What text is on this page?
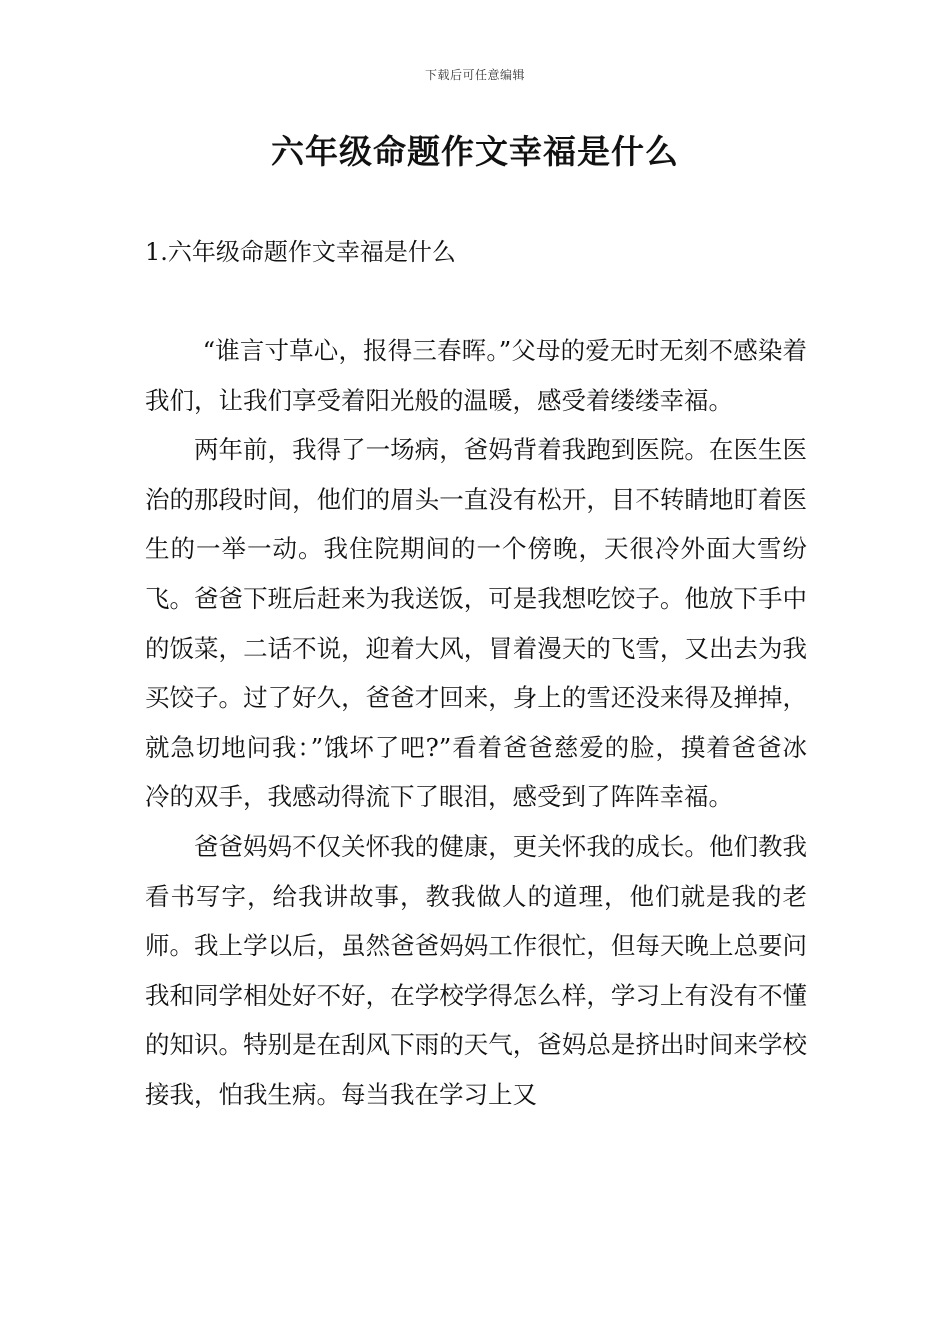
下载后可任意编辑
六年级命题作文幸福是什么
1.六年级命题作文幸福是什么

“谁言寸草心，报得三春晖。”父母的爱无时无刻不感染着我们，让我们享受着阳光般的温暖，感受着缕缕幸福。

两年前，我得了一场病，爸妈背着我跑到医院。在医生医治的那段时间，他们的眉头一直没有松开，目不转睛地盯着医生的一举一动。我住院期间的一个傍晚，天很冷外面大雪纷飞。爸爸下班后赶来为我送饭，可是我想吃饺子。他放下手中的饭菜，二话不说，迎着大风，冒着漫天的飞雪，又出去为我买饺子。过了好久，爸爸才回来，身上的雪还没来得及掸掉，就急切地问我：”饿坏了吧?”看着爸爸慈爱的脸，摸着爸爸冰冷的双手，我感动得流下了眼泪，感受到了阵阵幸福。

爸爸妈妈不仅关怀我的健康，更关怀我的成长。他们教我看书写字，给我讲故事，教我做人的道理，他们就是我的老师。我上学以后，虽然爸爸妈妈工作很忙，但每天晚上总要问我和同学相处好不好，在学校学得怎么样，学习上有没有不懂的知识。特别是在刮风下雨的天气，爸妈总是挤出时间来学校接我，怕我生病。每当我在学习上又
